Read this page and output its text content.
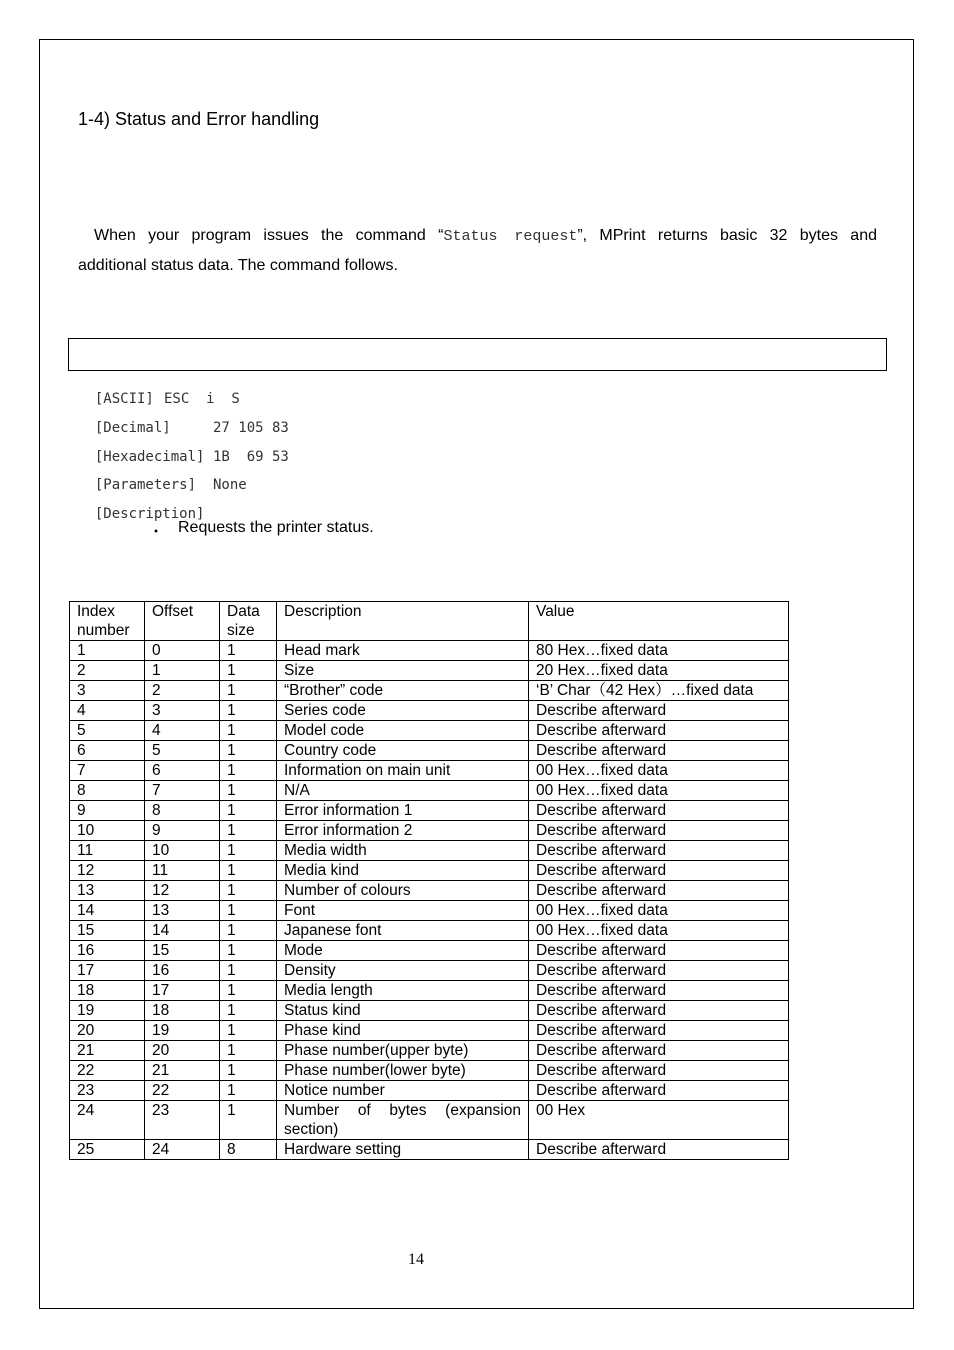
1-4) Status and Error handling
When your program issues the command “Status request”, MPrint returns basic 32 bytes and
additional status data. The command follows.

[ASCII] ESC  i  S

[Decimal]	27 105 83

[Hexadecimal] 1B  69 53

[Parameters] None

[Description]

・ Requests the printer status.
Index number	Offset	Data size	Description	Value
1	0	1	Head mark	80 Hex…fixed data
2	1	1	Size	20 Hex…fixed data
3	2	1	“Brother” code	‘B’ Char（42 Hex）…fixed data
4	3	1	Series code	Describe afterward
5	4	1	Model code	Describe afterward
6	5	1	Country code	Describe afterward
7	6	1	Information on main unit	00 Hex…fixed data
8	7	1	N/A	00 Hex…fixed data
9	8	1	Error information 1	Describe afterward
10	9	1	Error information 2	Describe afterward
11	10	1	Media width	Describe afterward
12	11	1	Media kind	Describe afterward
13	12	1	Number of colours	Describe afterward
14	13	1	Font	00 Hex…fixed data
15	14	1	Japanese font	00 Hex…fixed data
16	15	1	Mode	Describe afterward
17	16	1	Density	Describe afterward
18	17	1	Media length	Describe afterward
19	18	1	Status kind	Describe afterward
20	19	1	Phase kind	Describe afterward
21	20	1	Phase number(upper byte)	Describe afterward
22	21	1	Phase number(lower byte)	Describe afterward
23	22	1	Notice number	Describe afterward
24	23	1	Number of bytes (expansion section)	00 Hex
25	24	8	Hardware setting	Describe afterward
14
